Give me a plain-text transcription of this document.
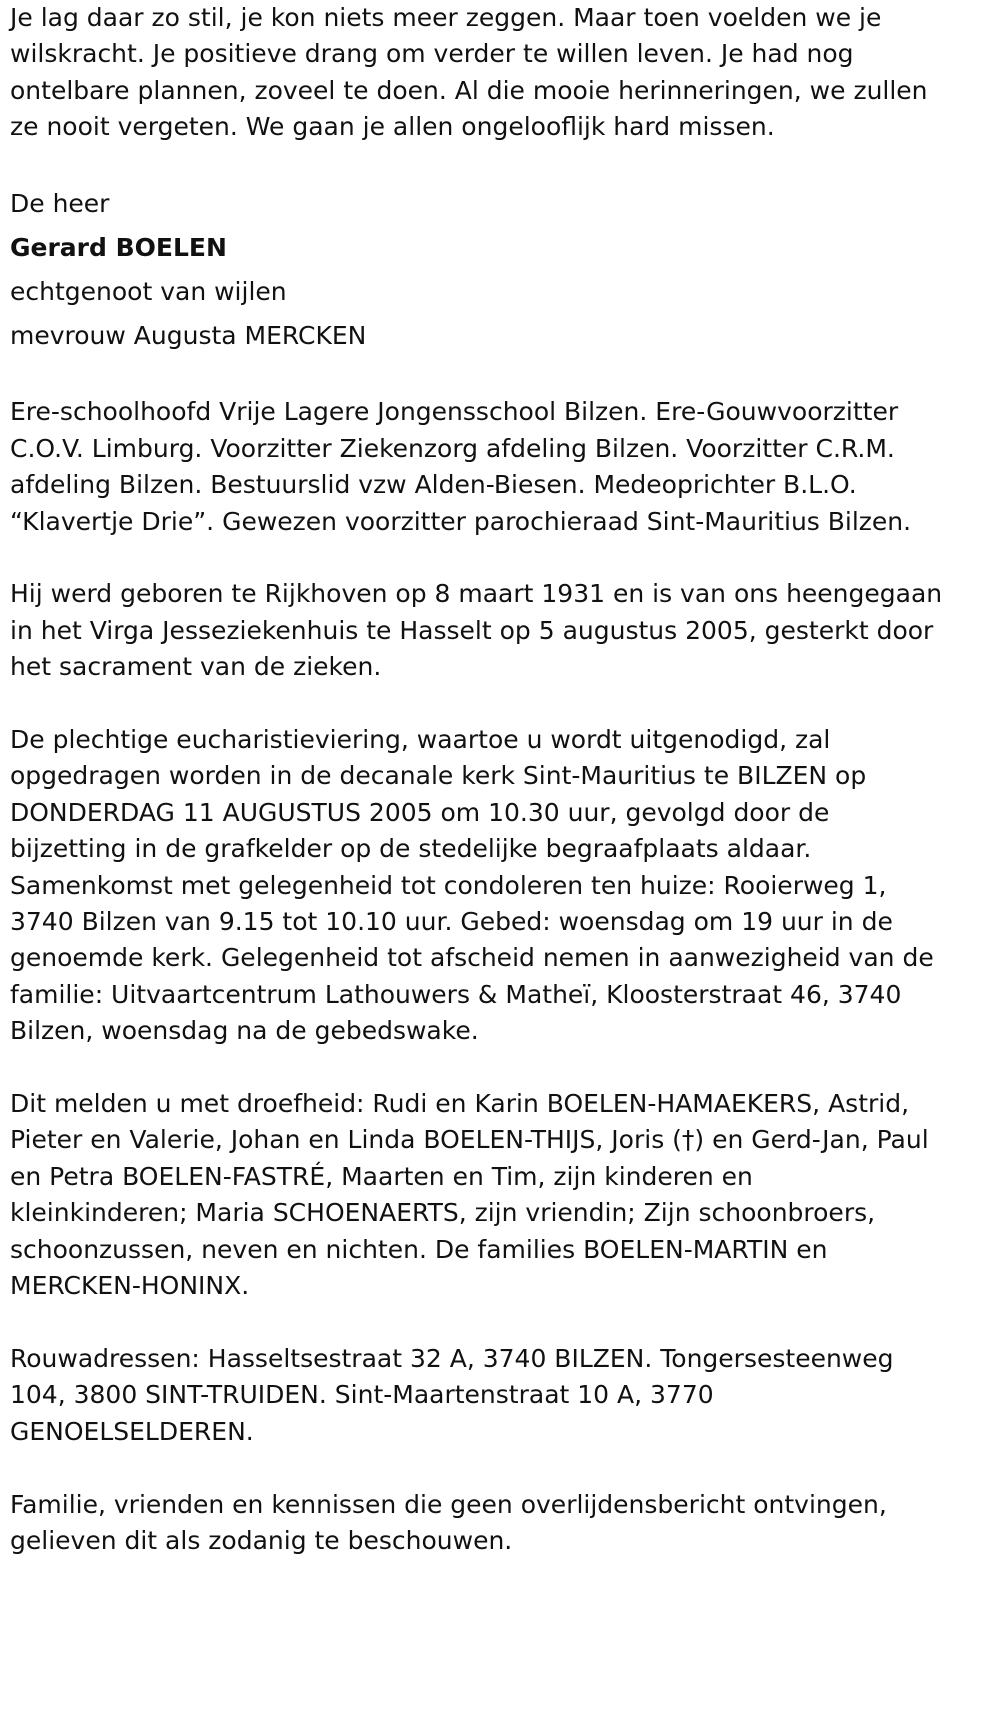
Je lag daar zo stil, je kon niets meer zeggen. Maar toen voelden we je
wilskracht. Je positieve drang om verder te willen leven. Je had nog
ontelbare plannen, zoveel te doen. Al die mooie herinneringen, we zullen
ze nooit vergeten. We gaan je allen ongelooflijk hard missen.

De heer

Gerard BOELEN

echtgenoot van wijlen

mevrouw Augusta MERCKEN

Ere-schoolhoofd Vrije Lagere Jongensschool Bilzen. Ere-Gouwvoorzitter
C.O.V. Limburg. Voorzitter Ziekenzorg afdeling Bilzen. Voorzitter C.R.M.
afdeling Bilzen. Bestuurslid vzw Alden-Biesen. Medeoprichter B.L.O.
“Klavertje Drie”. Gewezen voorzitter parochieraad Sint-Mauritius Bilzen.

Hij werd geboren te Rijkhoven op 8 maart 1931 en is van ons heengegaan
in het Virga Jesseziekenhuis te Hasselt op 5 augustus 2005, gesterkt door
het sacrament van de zieken.

De plechtige eucharistieviering, waartoe u wordt uitgenodigd, zal
opgedragen worden in de decanale kerk Sint-Mauritius te BILZEN op
DONDERDAG 11 AUGUSTUS 2005 om 10.30 uur, gevolgd door de
bijzetting in de grafkelder op de stedelijke begraafplaats aldaar.
Samenkomst met gelegenheid tot condoleren ten huize: Rooierweg 1,
3740 Bilzen van 9.15 tot 10.10 uur. Gebed: woensdag om 19 uur in de
genoemde kerk. Gelegenheid tot afscheid nemen in aanwezigheid van de
familie: Uitvaartcentrum Lathouwers & Matheï, Kloosterstraat 46, 3740
Bilzen, woensdag na de gebedswake.

Dit melden u met droefheid: Rudi en Karin BOELEN-HAMAEKERS, Astrid,
Pieter en Valerie, Johan en Linda BOELEN-THIJS, Joris (†) en Gerd-Jan, Paul
en Petra BOELEN-FASTRÉ, Maarten en Tim, zijn kinderen en
kleinkinderen; Maria SCHOENAERTS, zijn vriendin; Zijn schoonbroers,
schoonzussen, neven en nichten. De families BOELEN-MARTIN en
MERCKEN-HONINX.

Rouwadressen: Hasseltsestraat 32 A, 3740 BILZEN. Tongersesteenweg
104, 3800 SINT-TRUIDEN. Sint-Maartenstraat 10 A, 3770
GENOELSELDEREN.

Familie, vrienden en kennissen die geen overlijdensbericht ontvingen,
gelieven dit als zodanig te beschouwen.
